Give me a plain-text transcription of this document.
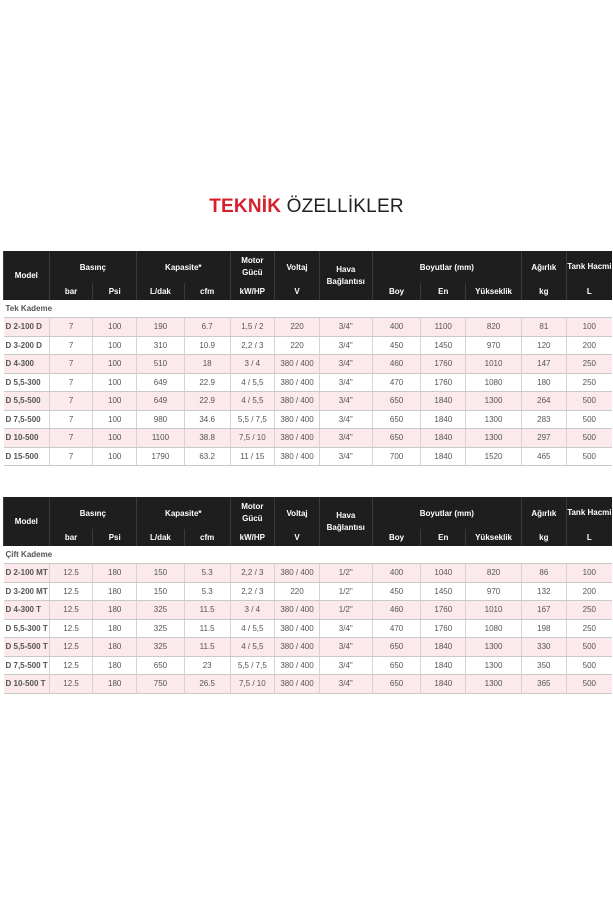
TEKNİK ÖZELLİKLER
Model	Basınç		Kapasite*		Motor Gücü	Voltaj	Hava Bağlantısı	Boyutlar (mm)			Ağırlık	Tank Hacmi
	bar	Psi	L/dak	cfm	kW/HP	V		Boy	En	Yükseklik	kg	L
Tek Kademe												
D 2-100 D	7	100	190	6.7	1,5 / 2	220	3/4"	400	1100	820	81	100
D 3-200 D	7	100	310	10.9	2,2 / 3	220	3/4"	450	1450	970	120	200
D 4-300	7	100	510	18	3 / 4	380 / 400	3/4"	460	1760	1010	147	250
D 5,5-300	7	100	649	22.9	4 / 5,5	380 / 400	3/4"	470	1760	1080	180	250
D 5,5-500	7	100	649	22.9	4 / 5,5	380 / 400	3/4"	650	1840	1300	264	500
D 7,5-500	7	100	980	34.6	5,5 / 7,5	380 / 400	3/4"	650	1840	1300	283	500
D 10-500	7	100	1100	38.8	7,5 / 10	380 / 400	3/4"	650	1840	1300	297	500
D 15-500	7	100	1790	63.2	11 / 15	380 / 400	3/4"	700	1840	1520	465	500
Model	Basınç		Kapasite*		Motor Gücü	Voltaj	Hava Bağlantısı	Boyutlar (mm)			Ağırlık	Tank Hacmi
	bar	Psi	L/dak	cfm	kW/HP	V		Boy	En	Yükseklik	kg	L
Çift Kademe												
D 2-100 MT	12.5	180	150	5.3	2,2 / 3	380 / 400	1/2"	400	1040	820	86	100
D 3-200 MT	12.5	180	150	5.3	2,2 / 3	220	1/2"	450	1450	970	132	200
D 4-300 T	12.5	180	325	11.5	3 / 4	380 / 400	1/2"	460	1760	1010	167	250
D 5,5-300 T	12.5	180	325	11.5	4 / 5,5	380 / 400	3/4"	470	1760	1080	198	250
D 5,5-500 T	12.5	180	325	11.5	4 / 5,5	380 / 400	3/4"	650	1840	1300	330	500
D 7,5-500 T	12.5	180	650	23	5,5 / 7,5	380 / 400	3/4"	650	1840	1300	350	500
D 10-500 T	12.5	180	750	26.5	7,5 / 10	380 / 400	3/4"	650	1840	1300	365	500
